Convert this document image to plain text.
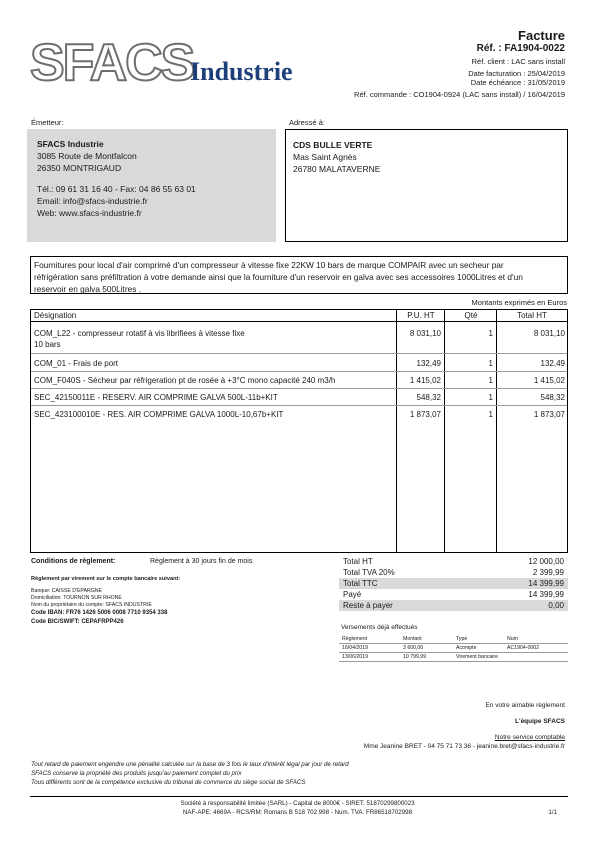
SFACS
Industrie
Facture
Réf. : FA1904-0022
Réf. client : LAC sans install
Date facturation : 25/04/2019
Date échéance : 31/05/2019
Réf. commande : CO1904-0924 (LAC sans install) / 16/04/2019
Émetteur:	Adressé à:
SFACS Industrie
3085 Route de Montfalcon
26350 MONTRIGAUD
Tél.: 09 61 31 16 40 - Fax: 04 86 55 63 01
Email: info@sfacs-industrie.fr
Web: www.sfacs-industrie.fr
CDS BULLE VERTE
Mas Saint Agnès
26780 MALATAVERNE
Fournitures pour local d'air comprimé d'un compresseur à vitesse fixe 22KW 10 bars de marque COMPAIR avec un secheur par
réfrigération sans préfiltration à votre demande ainsi que la fourniture d'un reservoir en galva avec ses accessoires 1000Litres et d'un
reservoir en galva 500Litres .
Montants exprimés en Euros
Désignation	P.U. HT	Qté	Total HT
COM_L22 - compresseur rotatif à vis librifiees à vitesse fixe
10 bars
8 031,10	1	8 031,10
COM_01 - Frais de port	132,49	1	132,49
COM_F040S - Sécheur par réfrigeration pt de rosée à +3°C mono capacité 240 m3/h	1 415,02	1	1 415,02
SEC_42150011E - RESERV. AIR COMPRIME GALVA 500L-11b+KIT	548,32	1	548,32
SEC_423100010E - RES. AIR COMPRIME GALVA 1000L-10,67b+KIT	1 873,07	1	1 873,07
Conditions de règlement:	Règlement à 30 jours fin de mois
Règlement par virement sur le compte bancaire suivant:
Banque: CAISSE D'EPARGNE
Domiciliation: TOURNON SUR RHONE
Nom du propriétaire du compte: SFACS INDUSTRIE
Code IBAN: FR76 1426 5006 0008 7710 9354 338
Code BIC/SWIFT: CEPAFRPP426
Total HT	12 000,00
Total TVA 20%	2 399,99
Total TTC	14 399,99
Payé	14 399,99
Reste à payer	0,00
Versements déjà effectués
Règlement	Montant	Type	Num
16/04/2019	3 600,00	Acompte	AC1904-0002
13/06/2019	10 799,99	Virement bancaire
En votre aimable règlement
L'équipe SFACS
Notre service comptable
Mme Jeanine BRET - 04 75 71 73 36 - jeanine.bret@sfacs-industrie.fr
Tout retard de paiement engendre une pénalité calculée sur la base de 3 fois le taux d'intérêt légal par jour de retard
SFACS conserve la propriété des produits jusqu'au paiement complet du prix
Tous différents sont de la compétence exclusive du tribunal de commerce du siège social de SFACS
Société à responsabilité limitée (SARL) - Capital de 8000€ - SIRET: 51870299800023
NAF-APE: 4669A - RCS/RM: Romans B 518 702 998 - Num. TVA: FR86518702998	1/1
